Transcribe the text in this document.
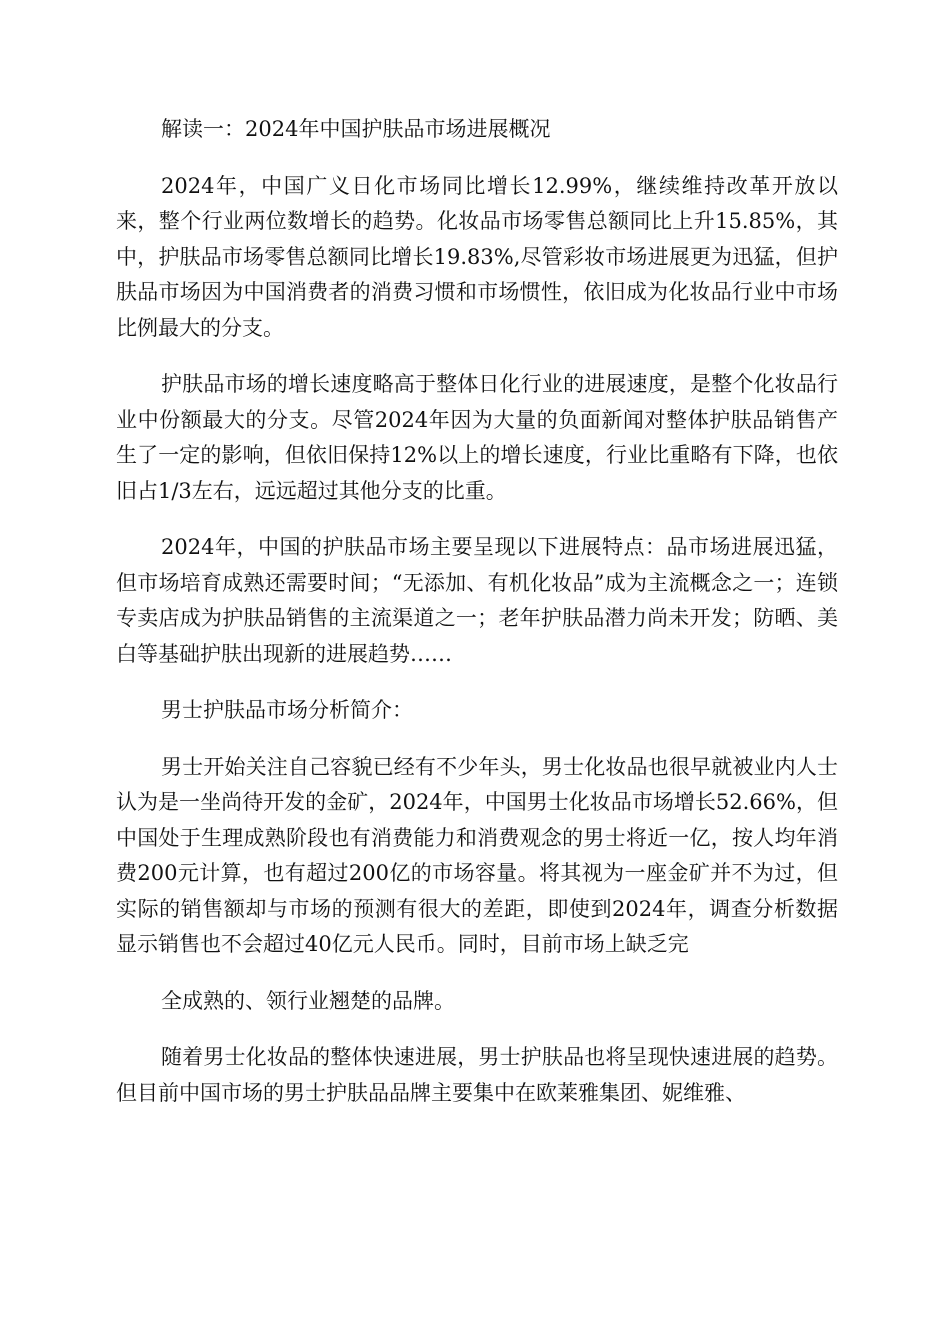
解读一：2024年中国护肤品市场进展概况

2024年，中国广义日化市场同比增长12.99%，继续维持改革开放以来，整个行业两位数增长的趋势。化妆品市场零售总额同比上升15.85%，其中，护肤品市场零售总额同比增长19.83%,尽管彩妆市场进展更为迅猛，但护肤品市场因为中国消费者的消费习惯和市场惯性，依旧成为化妆品行业中市场比例最大的分支。

护肤品市场的增长速度略高于整体日化行业的进展速度，是整个化妆品行业中份额最大的分支。尽管2024年因为大量的负面新闻对整体护肤品销售产生了一定的影响，但依旧保持12%以上的增长速度，行业比重略有下降，也依旧占1/3左右，远远超过其他分支的比重。

2024年，中国的护肤品市场主要呈现以下进展特点：品市场进展迅猛，但市场培育成熟还需要时间；“无添加、有机化妆品”成为主流概念之一；连锁专卖店成为护肤品销售的主流渠道之一；老年护肤品潜力尚未开发；防晒、美白等基础护肤出现新的进展趋势……

男士护肤品市场分析简介：

男士开始关注自己容貌已经有不少年头，男士化妆品也很早就被业内人士认为是一坐尚待开发的金矿，2024年，中国男士化妆品市场增长52.66%，但中国处于生理成熟阶段也有消费能力和消费观念的男士将近一亿，按人均年消费200元计算，也有超过200亿的市场容量。将其视为一座金矿并不为过，但实际的销售额却与市场的预测有很大的差距，即使到2024年，调查分析数据显示销售也不会超过40亿元人民币。同时，目前市场上缺乏完

全成熟的、领行业翘楚的品牌。

随着男士化妆品的整体快速进展，男士护肤品也将呈现快速进展的趋势。但目前中国市场的男士护肤品品牌主要集中在欧莱雅集团、妮维雅、
